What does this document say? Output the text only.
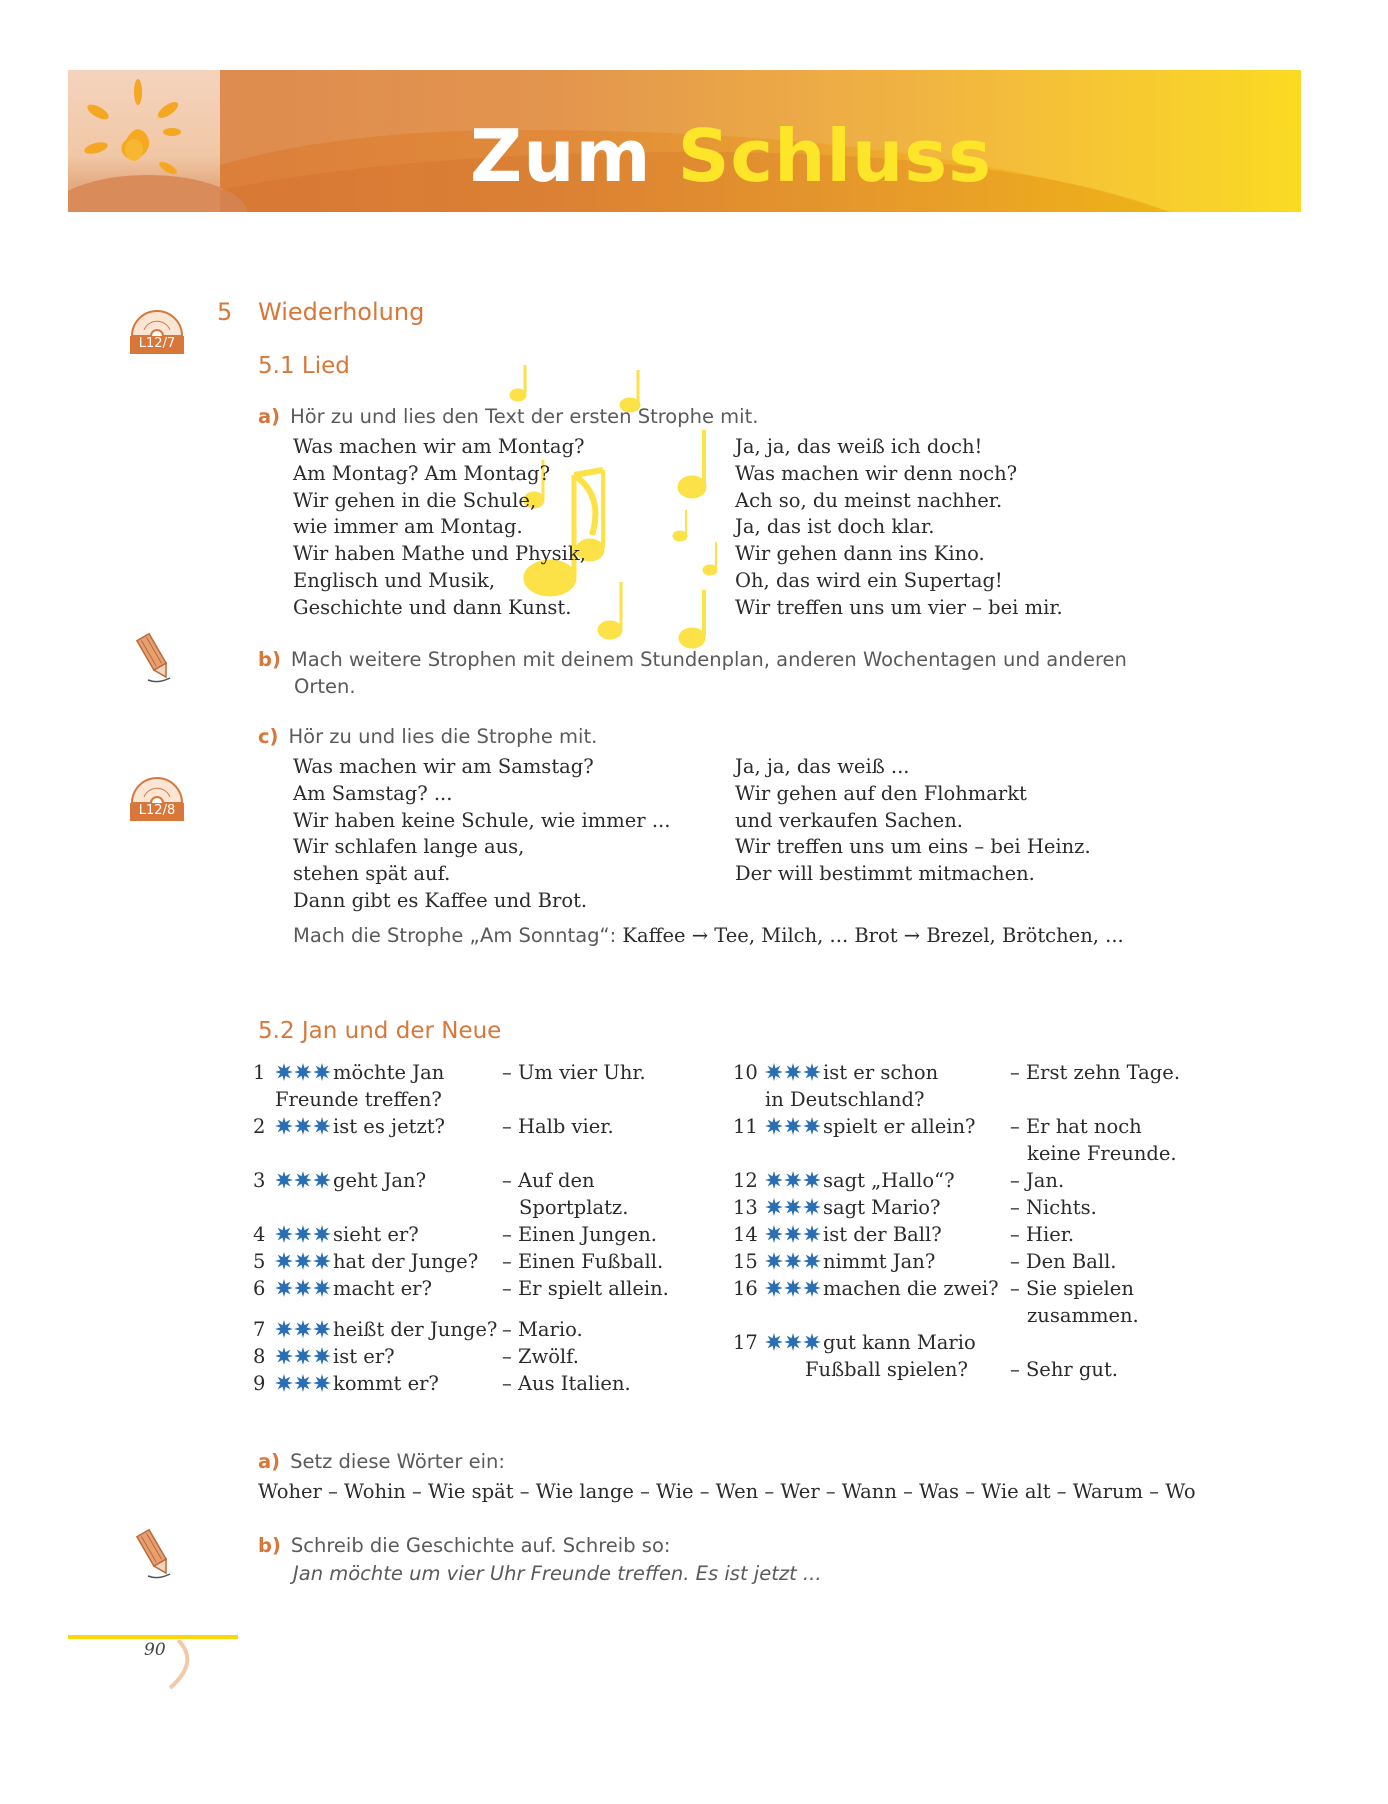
Zum Schluss
L12/7
5 Wiederholung
5.1 Lied
a) Hör zu und lies den Text der ersten Strophe mit.
Was machen wir am Montag?
Am Montag? Am Montag?
Wir gehen in die Schule,
wie immer am Montag.
Wir haben Mathe und Physik,
Englisch und Musik,
Geschichte und dann Kunst.
Ja, ja, das weiß ich doch!
Was machen wir denn noch?
Ach so, du meinst nachher.
Ja, das ist doch klar.
Wir gehen dann ins Kino.
Oh, das wird ein Supertag!
Wir treffen uns um vier – bei mir.
b) Mach weitere Strophen mit deinem Stundenplan, anderen Wochentagen und anderen
Orten.
c) Hör zu und lies die Strophe mit.
L12/8
Was machen wir am Samstag?
Am Samstag? ...
Wir haben keine Schule, wie immer ...
Wir schlafen lange aus,
stehen spät auf.
Dann gibt es Kaffee und Brot.
Ja, ja, das weiß ...
Wir gehen auf den Flohmarkt
und verkaufen Sachen.
Wir treffen uns um eins – bei Heinz.
Der will bestimmt mitmachen.
Mach die Strophe „Am Sonntag“: Kaffee → Tee, Milch, ... Brot → Brezel, Brötchen, ...
5.2 Jan und der Neue
1	möchte Jan
Freunde treffen?
– Um vier Uhr.
2	ist es jetzt?	– Halb vier.
3	geht Jan?	– Auf den
Sportplatz.
4	sieht er?	– Einen Jungen.
5	hat der Junge? – Einen Fußball.
6	macht er?	– Er spielt allein.
7	heißt der Junge? – Mario.
8	ist er?	– Zwölf.
9	kommt er?	– Aus Italien.
10	ist er schon
in Deutschland?
– Erst zehn Tage.
11	spielt er allein? – Er hat noch
keine Freunde.
12	sagt „Hallo“?	– Jan.
13	sagt Mario?	– Nichts.
14	ist der Ball?	– Hier.
15	nimmt Jan?	– Den Ball.
16	machen die zwei? – Sie spielen
zusammen.
17	gut kann Mario
Fußball spielen? – Sehr gut.
a) Setz diese Wörter ein:
Woher – Wohin – Wie spät – Wie lange – Wie – Wen – Wer – Wann – Was – Wie alt – Warum – Wo
b) Schreib die Geschichte auf. Schreib so:
Jan möchte um vier Uhr Freunde treffen. Es ist jetzt ...
90
